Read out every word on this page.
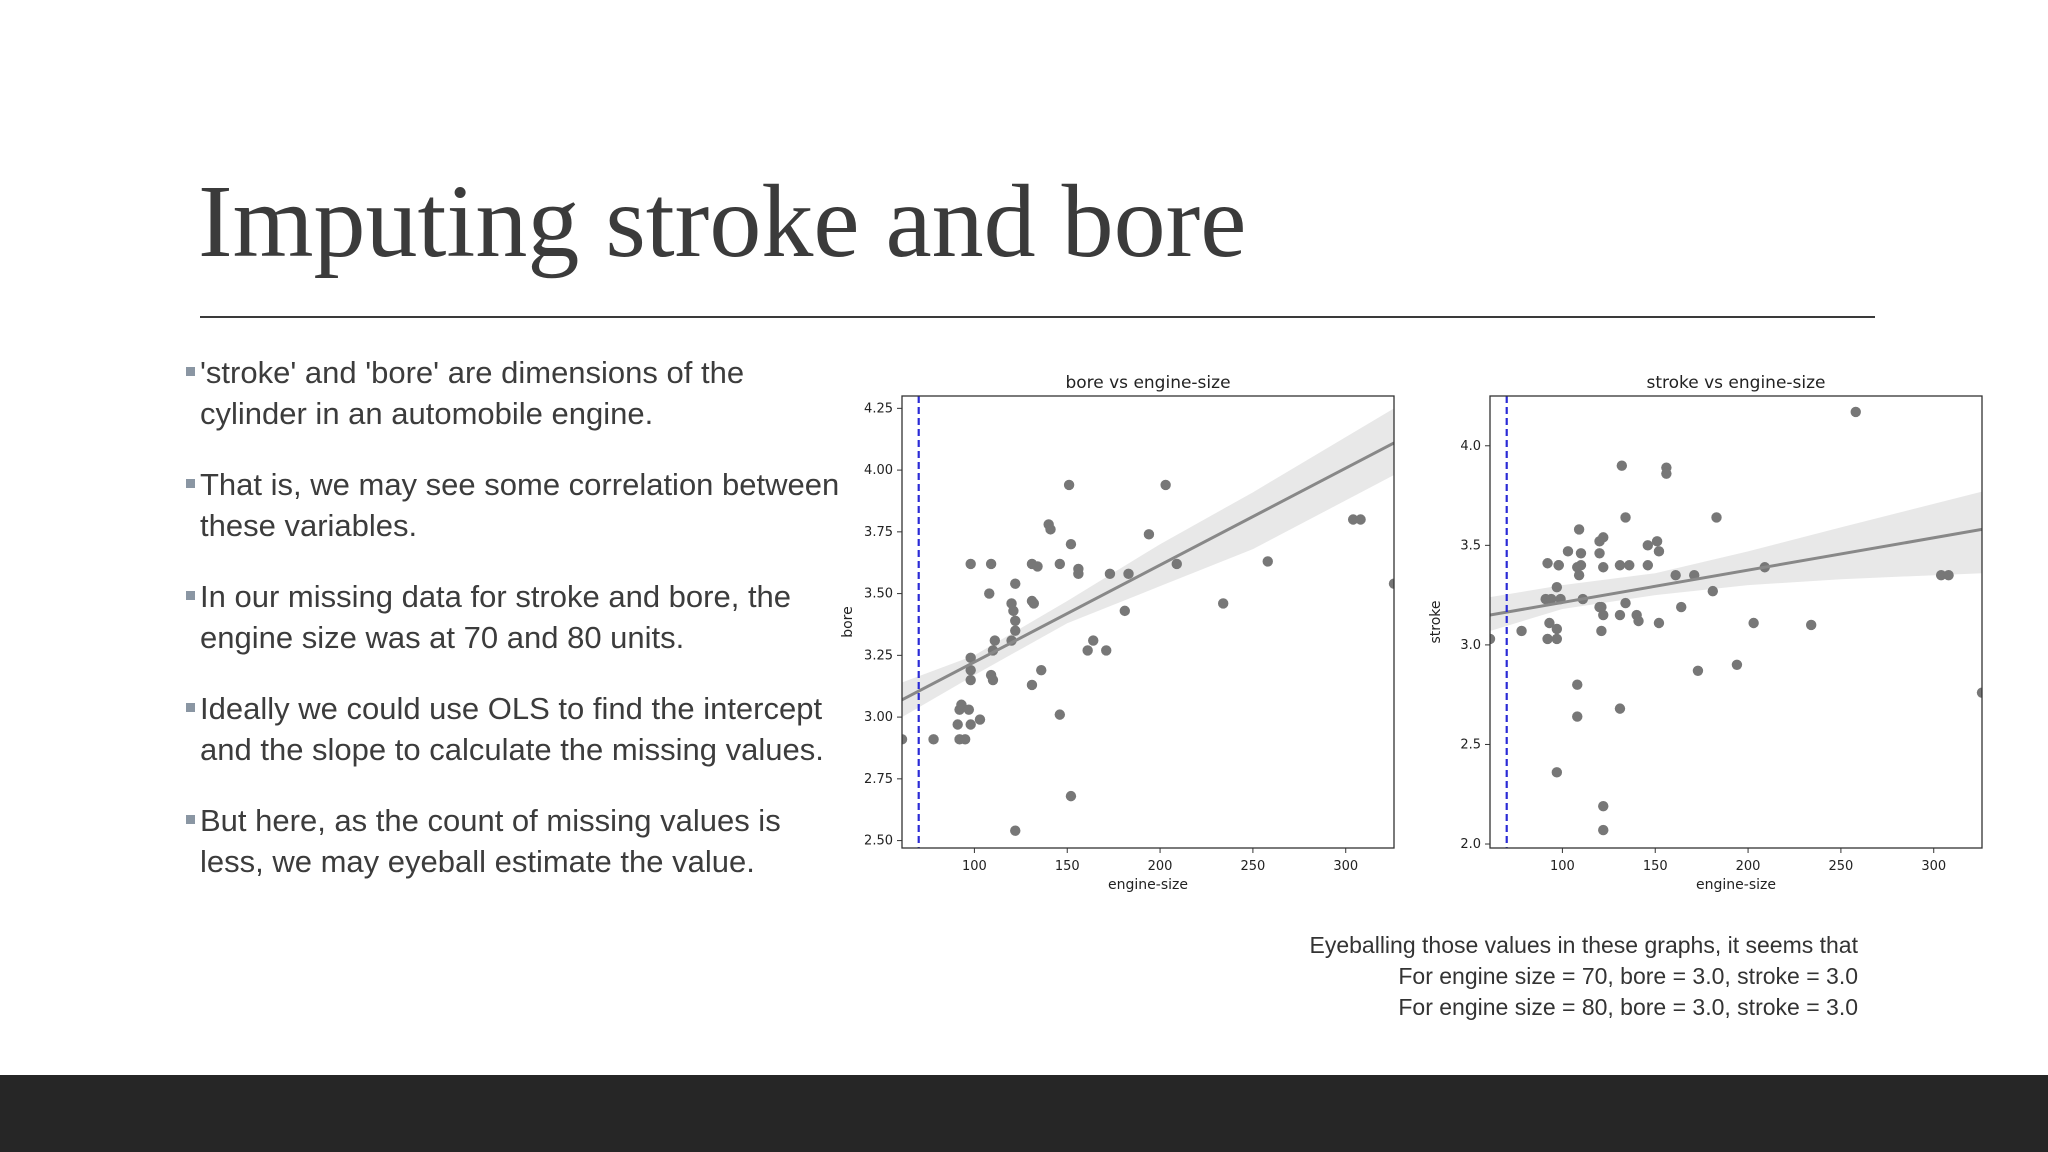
Imputing stroke and bore
'stroke' and 'bore' are dimensions of the cylinder in an automobile engine.
That is, we may see some correlation between these variables.
In our missing data for stroke and bore, the engine size was at 70 and 80 units.
Ideally we could use OLS to find the intercept and the slope to calculate the missing values.
But here, as the count of missing values is less, we may eyeball estimate the value.	100	150	200	250	300
2.50
2.75
3.00
3.25
3.50
3.75
4.00
4.25
bore vs engine-size
engine-size
bore
100	150	200	250	300
2.0
2.5
3.0
3.5
4.0
stroke vs engine-size
engine-size
stroke
Eyeballing those values in these graphs, it seems that
For engine size = 70, bore = 3.0, stroke = 3.0
For engine size = 80, bore = 3.0, stroke = 3.0
